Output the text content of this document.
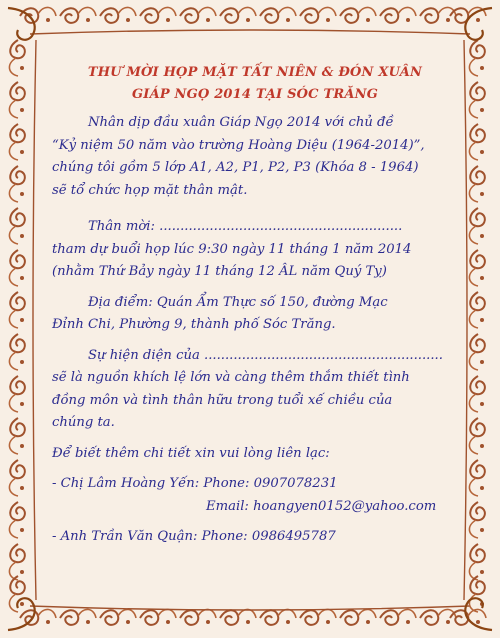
THƯ MỜI HỌP MẶT TẤT NIÊN & ĐÓN XUÂN
GIÁP NGỌ 2014 TẠI SÓC TRĂNG

Nhân dịp đầu xuân Giáp Ngọ 2014 với chủ đề

“Kỷ niệm 50 năm vào trường Hoàng Diệu (1964-2014)”,

chúng tôi gồm 5 lớp A1, A2, P1, P2, P3 (Khóa 8 - 1964)

sẽ tổ chức họp mặt thân mật.

Thân mời: ..........................................................

tham dự buổi họp lúc 9:30 ngày 11 tháng 1 năm 2014

(nhằm Thứ Bảy ngày 11 tháng 12 ÂL năm Quý Tỵ)

Địa điểm: Quán Ẩm Thực số 150, đường Mạc

Đỉnh Chi, Phường 9, thành phố Sóc Trăng.

Sự hiện diện của .........................................................

sẽ là nguồn khích lệ lớn và càng thêm thắm thiết tình

đồng môn và tình thân hữu trong tuổi xế chiều của

chúng ta.

Để biết thêm chi tiết xin vui lòng liên lạc:

- Chị Lâm Hoàng Yến: Phone: 0907078231

Email: hoangyen0152@yahoo.com

- Anh Trần Văn Quận: Phone: 0986495787
